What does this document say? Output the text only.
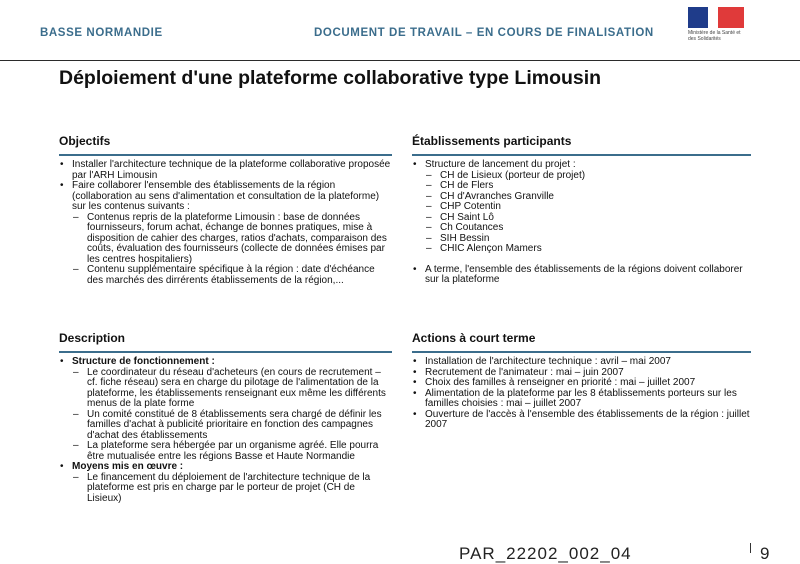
BASSE NORMANDIE	DOCUMENT DE TRAVAIL – EN COURS DE FINALISATION	Ministère de la Santé et des Solidarités
Déploiement d'une plateforme collaborative type Limousin
Objectifs
• Installer l'architecture technique de la plateforme collaborative proposée par l'ARH Limousin
• Faire collaborer l'ensemble des établissements de la région (collaboration au sens d'alimentation et consultation de la plateforme) sur les contenus suivants :
– Contenus repris de la plateforme Limousin : base de données fournisseurs, forum achat, échange de bonnes pratiques, mise à disposition de cahier des charges, ratios d'achats, comparaison des coûts, évaluation des fournisseurs (collecte de données émises par les centres hospitaliers)
– Contenu supplémentaire spécifique à la région : date d'échéance des marchés des dirrérents établissements de la région,...
Établissements participants
• Structure de lancement du projet :
– CH de Lisieux (porteur de projet)
– CH de Flers
– CH d'Avranches Granville
– CHP Cotentin
– CH Saint Lô
– Ch Coutances
– SIH Bessin
– CHIC Alençon Mamers
• A terme, l'ensemble des établissements de la régions doivent collaborer sur la plateforme
Description
• Structure de fonctionnement :
– Le coordinateur du réseau d'acheteurs (en cours de recrutement – cf. fiche réseau) sera en charge du pilotage de l'alimentation de la plateforme, les établissements renseignant eux même les différents menus de la plate forme
– Un comité constitué de 8 établissements sera chargé de définir les familles d'achat à publicité prioritaire en fonction des campagnes d'achat des établissements
– La plateforme sera hébergée par un organisme agréé. Elle pourra être mutualisée entre les régions Basse et Haute Normandie
• Moyens mis en œuvre :
– Le financement du déploiement de l'architecture technique de la plateforme est pris en charge par le porteur de projet (CH de Lisieux)
Actions à court terme
• Installation de l'architecture technique : avril – mai 2007
• Recrutement de l'animateur : mai – juin 2007
• Choix des familles à renseigner en priorité : mai – juillet 2007
• Alimentation de la plateforme par les 8 établissements porteurs sur les familles choisies : mai – juillet 2007
• Ouverture de l'accès à l'ensemble des établissements de la région : juillet 2007
PAR_22202_002_04	9
